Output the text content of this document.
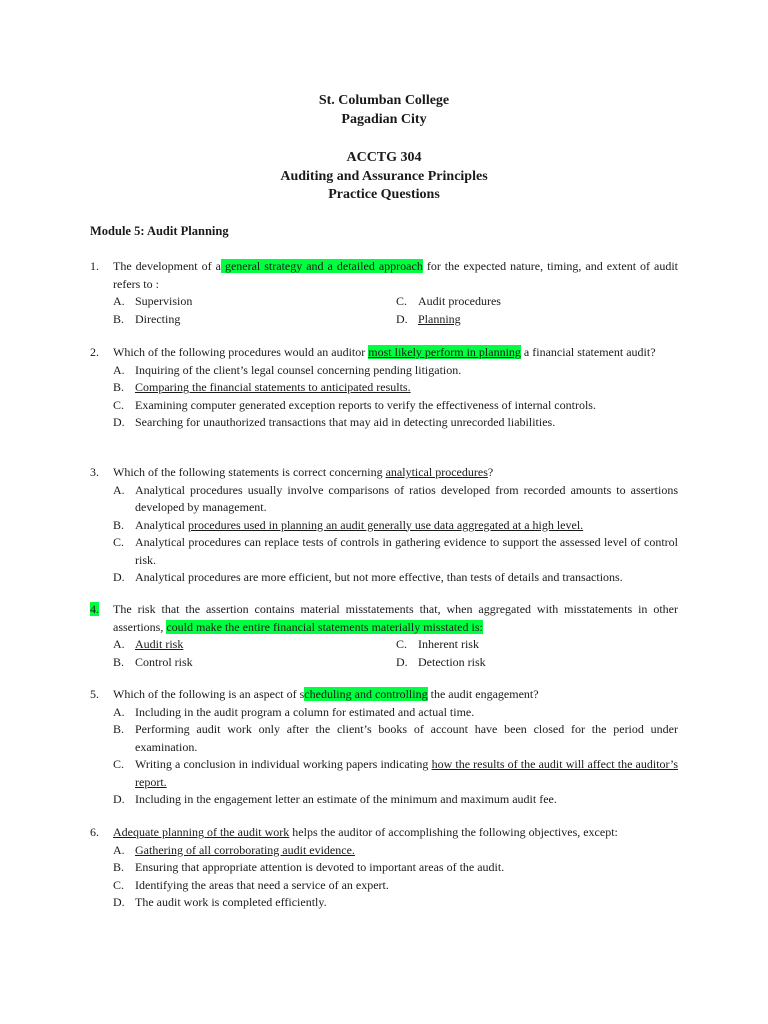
St. Columban College
Pagadian City
ACCTG 304
Auditing and Assurance Principles
Practice Questions
Module 5: Audit Planning
1.	The development of a general strategy and a detailed approach for the expected nature, timing, and extent of audit refers to :
A. Supervision	C. Audit procedures
B. Directing	D. Planning
2.	Which of the following procedures would an auditor most likely perform in planning a financial statement audit?
A. Inquiring of the client’s legal counsel concerning pending litigation.
B. Comparing the financial statements to anticipated results.
C. Examining computer generated exception reports to verify the effectiveness of internal controls.
D. Searching for unauthorized transactions that may aid in detecting unrecorded liabilities.
3.	Which of the following statements is correct concerning analytical procedures?
A. Analytical procedures usually involve comparisons of ratios developed from recorded amounts to assertions developed by management.
B. Analytical procedures used in planning an audit generally use data aggregated at a high level.
C. Analytical procedures can replace tests of controls in gathering evidence to support the assessed level of control risk.
D. Analytical procedures are more efficient, but not more effective, than tests of details and transactions.
4.	The risk that the assertion contains material misstatements that, when aggregated with misstatements in other assertions, could make the entire financial statements materially misstated is:
A. Audit risk	C. Inherent risk
B. Control risk	D. Detection risk
5.	Which of the following is an aspect of scheduling and controlling the audit engagement?
A. Including in the audit program a column for estimated and actual time.
B. Performing audit work only after the client’s books of account have been closed for the period under examination.
C. Writing a conclusion in individual working papers indicating how the results of the audit will affect the auditor’s report.
D. Including in the engagement letter an estimate of the minimum and maximum audit fee.
6.	Adequate planning of the audit work helps the auditor of accomplishing the following objectives, except:
A. Gathering of all corroborating audit evidence.
B. Ensuring that appropriate attention is devoted to important areas of the audit.
C. Identifying the areas that need a service of an expert.
D. The audit work is completed efficiently.
